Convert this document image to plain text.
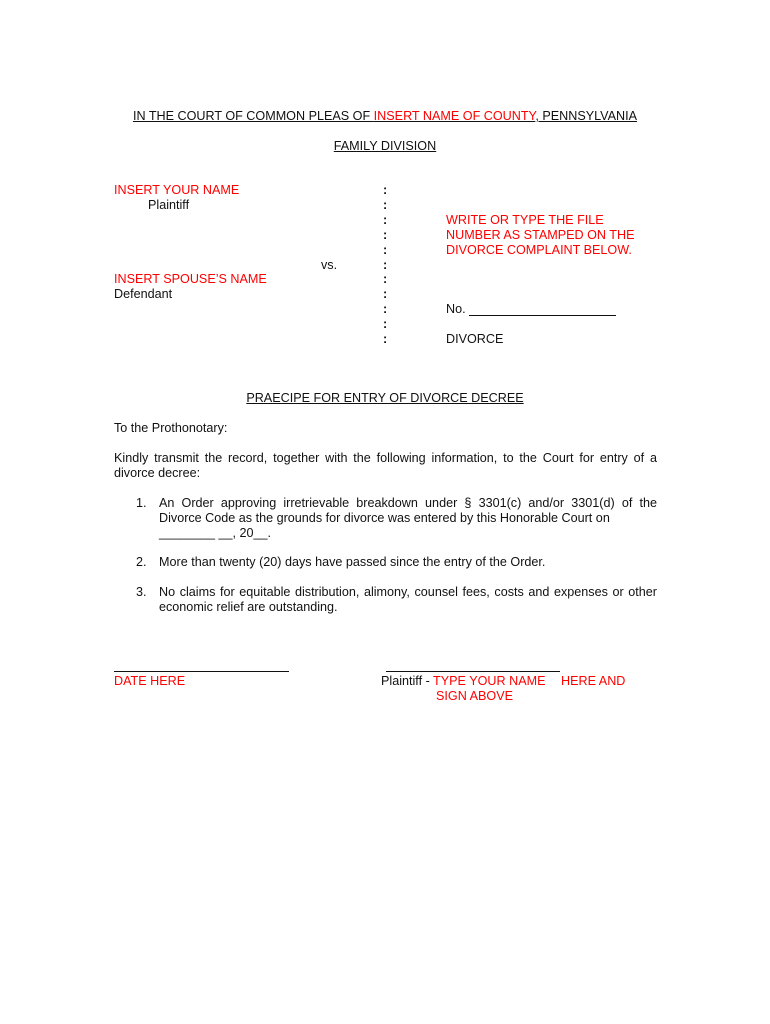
IN THE COURT OF COMMON PLEAS OF INSERT NAME OF COUNTY, PENNSYLVANIA
FAMILY DIVISION
INSERT YOUR NAME
Plaintiff
vs.
INSERT SPOUSE’S NAME
Defendant
:
:
:
:
:
:
:
:
:
:
:
WRITE OR TYPE THE FILE
NUMBER AS STAMPED ON THE
DIVORCE COMPLAINT BELOW.
No.
DIVORCE
PRAECIPE FOR ENTRY OF DIVORCE DECREE
To the Prothonotary:
Kindly transmit the record, together with the following information, to the Court for entry of a divorce decree:
1. An Order approving irretrievable breakdown under § 3301(c) and/or 3301(d) of the Divorce Code as the grounds for divorce was entered by this Honorable Court on
________ __, 20__.
2. More than twenty (20) days have passed since the entry of the Order.
3. No claims for equitable distribution, alimony, counsel fees, costs and expenses or other economic relief are outstanding.
DATE HERE	Plaintiff - TYPE YOUR NAME HERE AND
SIGN ABOVE
